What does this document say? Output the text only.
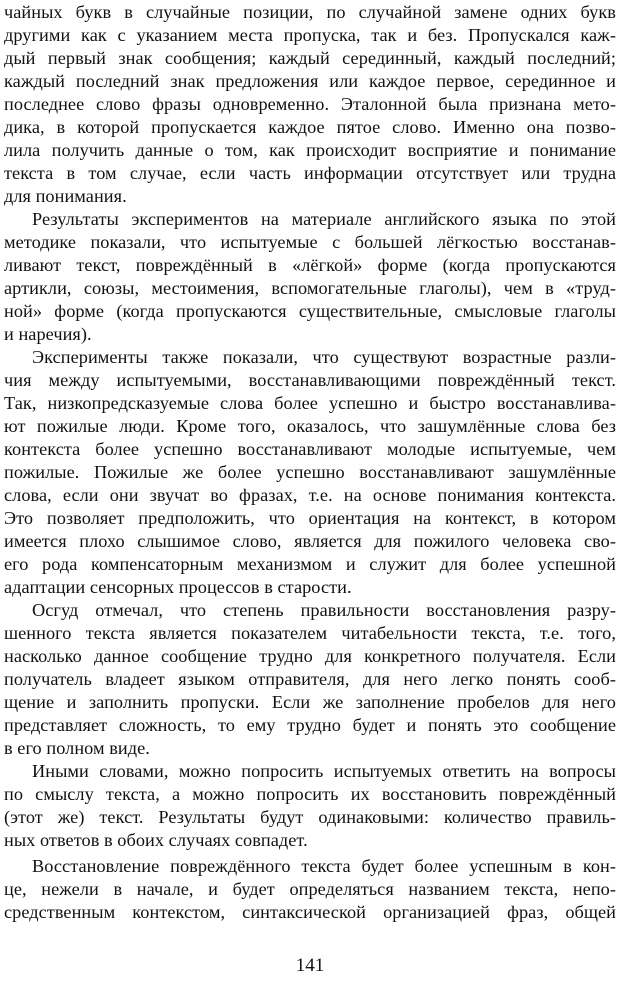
чайных букв в случайные позиции, по случайной замене одних букв
другими как с указанием места пропуска, так и без. Пропускался каж-
дый первый знак сообщения; каждый серединный, каждый последний;
каждый последний знак предложения или каждое первое, серединное и
последнее слово фразы одновременно. Эталонной была признана мето-
дика, в которой пропускается каждое пятое слово. Именно она позво-
лила получить данные о том, как происходит восприятие и понимание
текста в том случае, если часть информации отсутствует или трудна
для понимания.
Результаты экспериментов на материале английского языка по этой
методике показали, что испытуемые с большей лёгкостью восстанав-
ливают текст, повреждённый в «лёгкой» форме (когда пропускаются
артикли, союзы, местоимения, вспомогательные глаголы), чем в «труд-
ной» форме (когда пропускаются существительные, смысловые глаголы
и наречия).
Эксперименты также показали, что существуют возрастные разли-
чия между испытуемыми, восстанавливающими повреждённый текст.
Так, низкопредсказуемые слова более успешно и быстро восстанавлива-
ют пожилые люди. Кроме того, оказалось, что зашумлённые слова без
контекста более успешно восстанавливают молодые испытуемые, чем
пожилые. Пожилые же более успешно восстанавливают зашумлённые
слова, если они звучат во фразах, т.е. на основе понимания контекста.
Это позволяет предположить, что ориентация на контекст, в котором
имеется плохо слышимое слово, является для пожилого человека сво-
его рода компенсаторным механизмом и служит для более успешной
адаптации сенсорных процессов в старости.
Осгуд отмечал, что степень правильности восстановления разру-
шенного текста является показателем читабельности текста, т.е. того,
насколько данное сообщение трудно для конкретного получателя. Если
получатель владеет языком отправителя, для него легко понять сооб-
щение и заполнить пропуски. Если же заполнение пробелов для него
представляет сложность, то ему трудно будет и понять это сообщение
в его полном виде.
Иными словами, можно попросить испытуемых ответить на вопросы
по смыслу текста, а можно попросить их восстановить повреждённый
(этот же) текст. Результаты будут одинаковыми: количество правиль-
ных ответов в обоих случаях совпадет.
Восстановление повреждённого текста будет более успешным в кон-
це, нежели в начале, и будет определяться названием текста, непо-
средственным контекстом, синтаксической организацией фраз, общей
141
